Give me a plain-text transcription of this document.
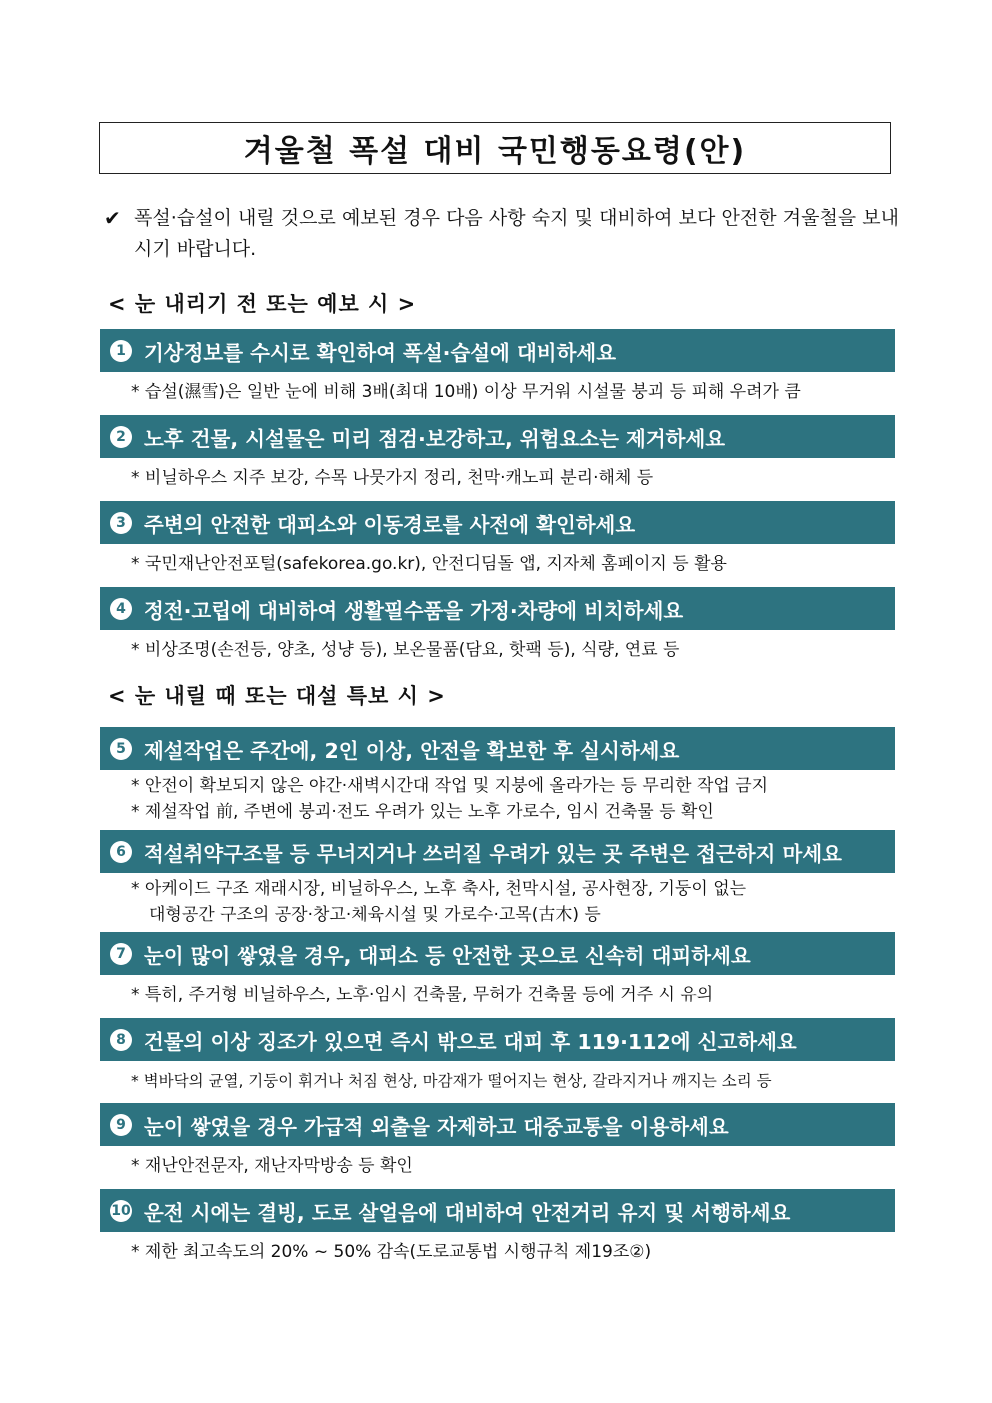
겨울철 폭설 대비 국민행동요령(안)
✔ 폭설·습설이 내릴 것으로 예보된 경우 다음 사항 숙지 및 대비하여 보다 안전한 겨울철을 보내시기 바랍니다.
< 눈 내리기 전 또는 예보 시 >
1 기상정보를 수시로 확인하여 폭설·습설에 대비하세요
* 습설(濕雪)은 일반 눈에 비해 3배(최대 10배) 이상 무거워 시설물 붕괴 등 피해 우려가 큼
2 노후 건물, 시설물은 미리 점검·보강하고, 위험요소는 제거하세요
* 비닐하우스 지주 보강, 수목 나뭇가지 정리, 천막·캐노피 분리·해체 등
3 주변의 안전한 대피소와 이동경로를 사전에 확인하세요
* 국민재난안전포털(safekorea.go.kr), 안전디딤돌 앱, 지자체 홈페이지 등 활용
4 정전·고립에 대비하여 생활필수품을 가정·차량에 비치하세요
* 비상조명(손전등, 양초, 성냥 등), 보온물품(담요, 핫팩 등), 식량, 연료 등
< 눈 내릴 때 또는 대설 특보 시 >
5 제설작업은 주간에, 2인 이상, 안전을 확보한 후 실시하세요
* 안전이 확보되지 않은 야간·새벽시간대 작업 및 지붕에 올라가는 등 무리한 작업 금지
* 제설작업 前, 주변에 붕괴·전도 우려가 있는 노후 가로수, 임시 건축물 등 확인
6 적설취약구조물 등 무너지거나 쓰러질 우려가 있는 곳 주변은 접근하지 마세요
* 아케이드 구조 재래시장, 비닐하우스, 노후 축사, 천막시설, 공사현장, 기둥이 없는
대형공간 구조의 공장·창고·체육시설 및 가로수·고목(古木) 등
7 눈이 많이 쌓였을 경우, 대피소 등 안전한 곳으로 신속히 대피하세요
* 특히, 주거형 비닐하우스, 노후·임시 건축물, 무허가 건축물 등에 거주 시 유의
8 건물의 이상 징조가 있으면 즉시 밖으로 대피 후 119·112에 신고하세요
* 벽바닥의 균열, 기둥이 휘거나 처짐 현상, 마감재가 떨어지는 현상, 갈라지거나 깨지는 소리 등
9 눈이 쌓였을 경우 가급적 외출을 자제하고 대중교통을 이용하세요
* 재난안전문자, 재난자막방송 등 확인
10 운전 시에는 결빙, 도로 살얼음에 대비하여 안전거리 유지 및 서행하세요
* 제한 최고속도의 20% ~ 50% 감속(도로교통법 시행규칙 제19조②)
